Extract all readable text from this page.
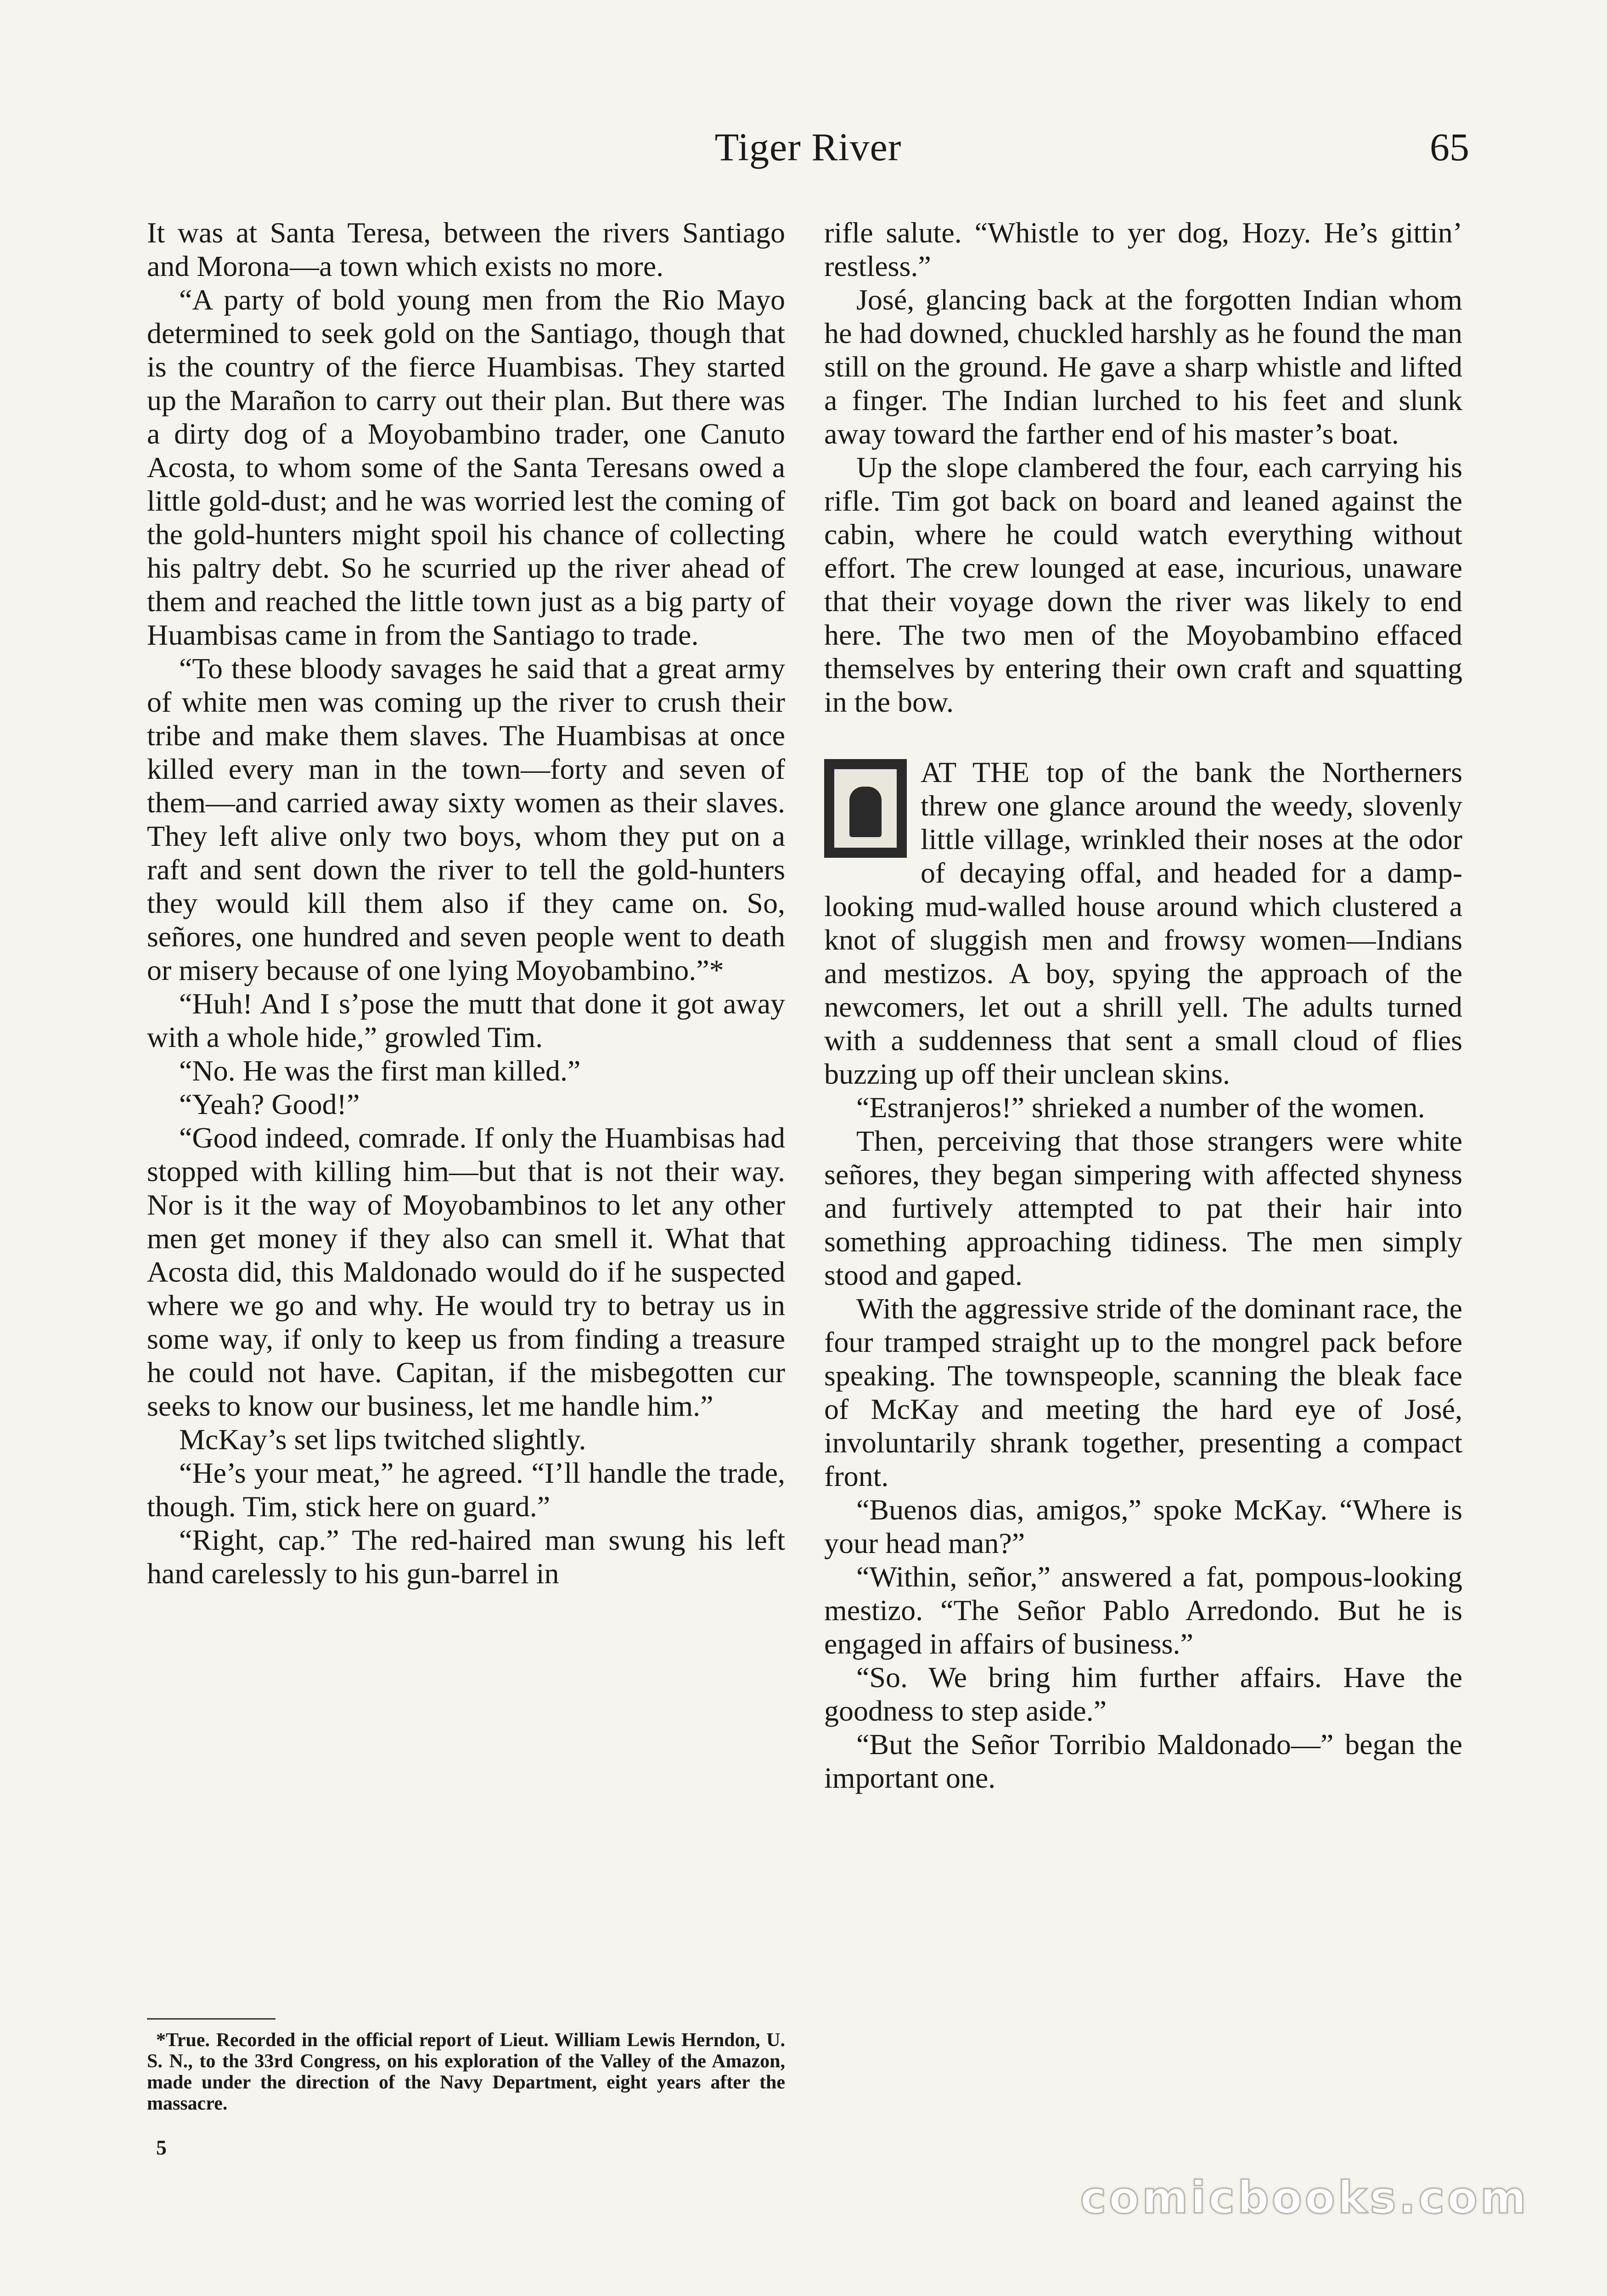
Tiger River	65

It was at Santa Teresa, between the rivers Santiago and Morona—a town which exists no more.

“A party of bold young men from the Rio Mayo determined to seek gold on the Santiago, though that is the country of the fierce Huambisas. They started up the Marañon to carry out their plan. But there was a dirty dog of a Moyobambino trader, one Canuto Acosta, to whom some of the Santa Teresans owed a little gold-dust; and he was worried lest the coming of the gold-hunters might spoil his chance of collecting his paltry debt. So he scurried up the river ahead of them and reached the little town just as a big party of Huambisas came in from the Santiago to trade.

“To these bloody savages he said that a great army of white men was coming up the river to crush their tribe and make them slaves. The Huambisas at once killed every man in the town—forty and seven of them—and carried away sixty women as their slaves. They left alive only two boys, whom they put on a raft and sent down the river to tell the gold-hunters they would kill them also if they came on. So, señores, one hundred and seven people went to death or misery because of one lying Moyobambino.”*

“Huh! And I s’pose the mutt that done it got away with a whole hide,” growled Tim.

“No. He was the first man killed.”

“Yeah? Good!”

“Good indeed, comrade. If only the Huambisas had stopped with killing him—but that is not their way. Nor is it the way of Moyobambinos to let any other men get money if they also can smell it. What that Acosta did, this Maldonado would do if he suspected where we go and why. He would try to betray us in some way, if only to keep us from finding a treasure he could not have. Capitan, if the misbegotten cur seeks to know our business, let me handle him.”

McKay’s set lips twitched slightly.

“He’s your meat,” he agreed. “I’ll handle the trade, though. Tim, stick here on guard.”

“Right, cap.” The red-haired man swung his left hand carelessly to his gun-barrel in

rifle salute. “Whistle to yer dog, Hozy. He’s gittin’ restless.”

José, glancing back at the forgotten Indian whom he had downed, chuckled harshly as he found the man still on the ground. He gave a sharp whistle and lifted a finger. The Indian lurched to his feet and slunk away toward the farther end of his master’s boat.

Up the slope clambered the four, each carrying his rifle. Tim got back on board and leaned against the cabin, where he could watch everything without effort. The crew lounged at ease, incurious, unaware that their voyage down the river was likely to end here. The two men of the Moyobambino effaced themselves by entering their own craft and squatting in the bow.

AT THE top of the bank the Northerners threw one glance around the weedy, slovenly little village, wrinkled their noses at the odor of decaying offal, and headed for a damp-looking mud-walled house around which clustered a knot of sluggish men and frowsy women—Indians and mestizos. A boy, spying the approach of the newcomers, let out a shrill yell. The adults turned with a suddenness that sent a small cloud of flies buzzing up off their unclean skins.

“Estranjeros!” shrieked a number of the women.

Then, perceiving that those strangers were white señores, they began simpering with affected shyness and furtively attempted to pat their hair into something approaching tidiness. The men simply stood and gaped.

With the aggressive stride of the dominant race, the four tramped straight up to the mongrel pack before speaking. The townspeople, scanning the bleak face of McKay and meeting the hard eye of José, involuntarily shrank together, presenting a compact front.

“Buenos dias, amigos,” spoke McKay. “Where is your head man?”

“Within, señor,” answered a fat, pompous-looking mestizo. “The Señor Pablo Arredondo. But he is engaged in affairs of business.”

“So. We bring him further affairs. Have the goodness to step aside.”

“But the Señor Torribio Maldonado—” began the important one.

*True. Recorded in the official report of Lieut. William Lewis Herndon, U. S. N., to the 33rd Congress, on his exploration of the Valley of the Amazon, made under the direction of the Navy Department, eight years after the massacre.

5
comicbooks.com
